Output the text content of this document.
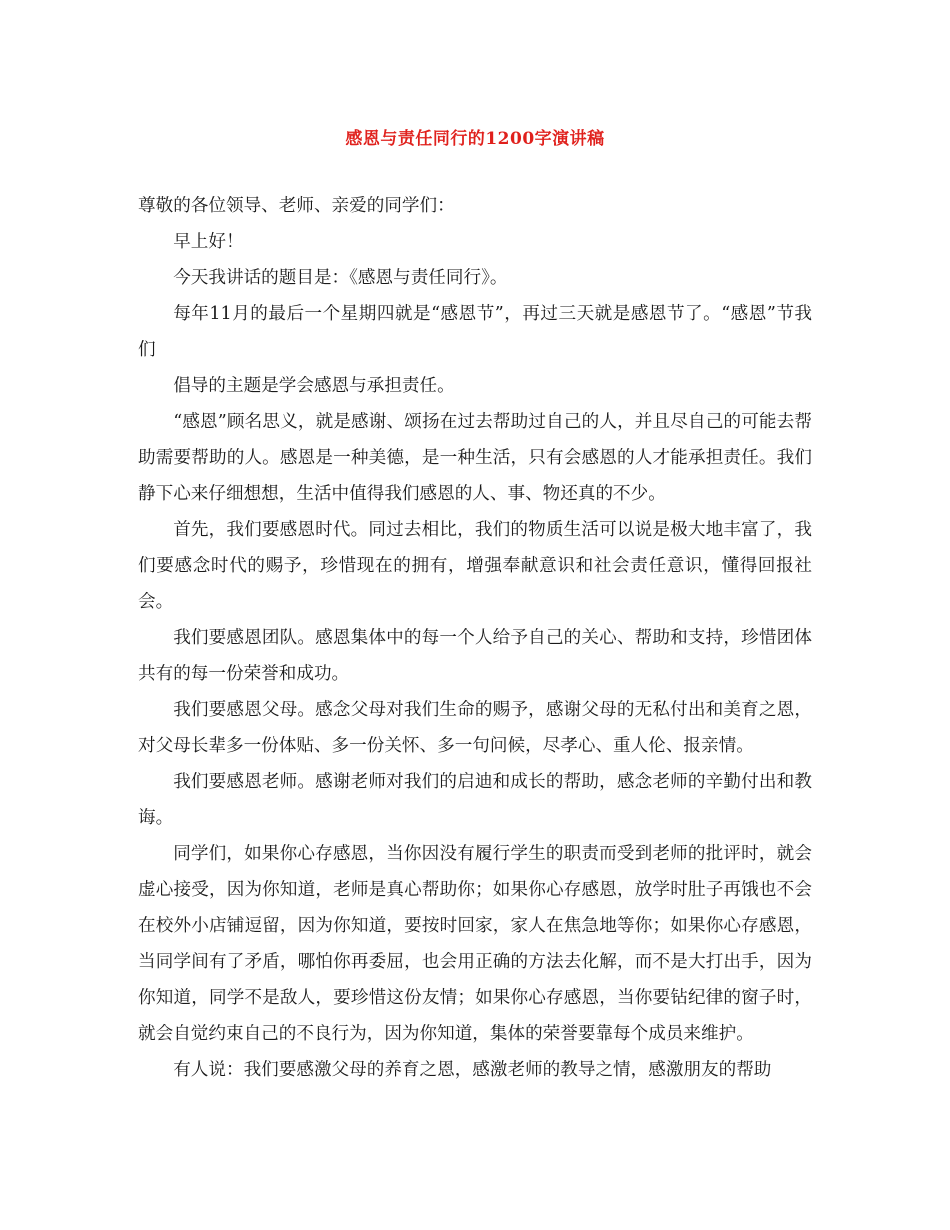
感恩与责任同行的1200字演讲稿

尊敬的各位领导、老师、亲爱的同学们：

早上好！

今天我讲话的题目是：《感恩与责任同行》。

每年11月的最后一个星期四就是“感恩节”，再过三天就是感恩节了。“感恩”节我们

倡导的主题是学会感恩与承担责任。

“感恩”顾名思义，就是感谢、颂扬在过去帮助过自己的人，并且尽自己的可能去帮助需要帮助的人。感恩是一种美德，是一种生活，只有会感恩的人才能承担责任。我们静下心来仔细想想，生活中值得我们感恩的人、事、物还真的不少。

首先，我们要感恩时代。同过去相比，我们的物质生活可以说是极大地丰富了，我们要感念时代的赐予，珍惜现在的拥有，增强奉献意识和社会责任意识，懂得回报社会。

我们要感恩团队。感恩集体中的每一个人给予自己的关心、帮助和支持，珍惜团体共有的每一份荣誉和成功。

我们要感恩父母。感念父母对我们生命的赐予，感谢父母的无私付出和美育之恩，对父母长辈多一份体贴、多一份关怀、多一句问候，尽孝心、重人伦、报亲情。

我们要感恩老师。感谢老师对我们的启迪和成长的帮助，感念老师的辛勤付出和教诲。

同学们，如果你心存感恩，当你因没有履行学生的职责而受到老师的批评时，就会虚心接受，因为你知道，老师是真心帮助你；如果你心存感恩，放学时肚子再饿也不会在校外小店铺逗留，因为你知道，要按时回家，家人在焦急地等你；如果你心存感恩，当同学间有了矛盾，哪怕你再委屈，也会用正确的方法去化解，而不是大打出手，因为你知道，同学不是敌人，要珍惜这份友情；如果你心存感恩，当你要钻纪律的窗子时，就会自觉约束自己的不良行为，因为你知道，集体的荣誉要靠每个成员来维护。

有人说：我们要感激父母的养育之恩，感激老师的教导之情，感激朋友的帮助
